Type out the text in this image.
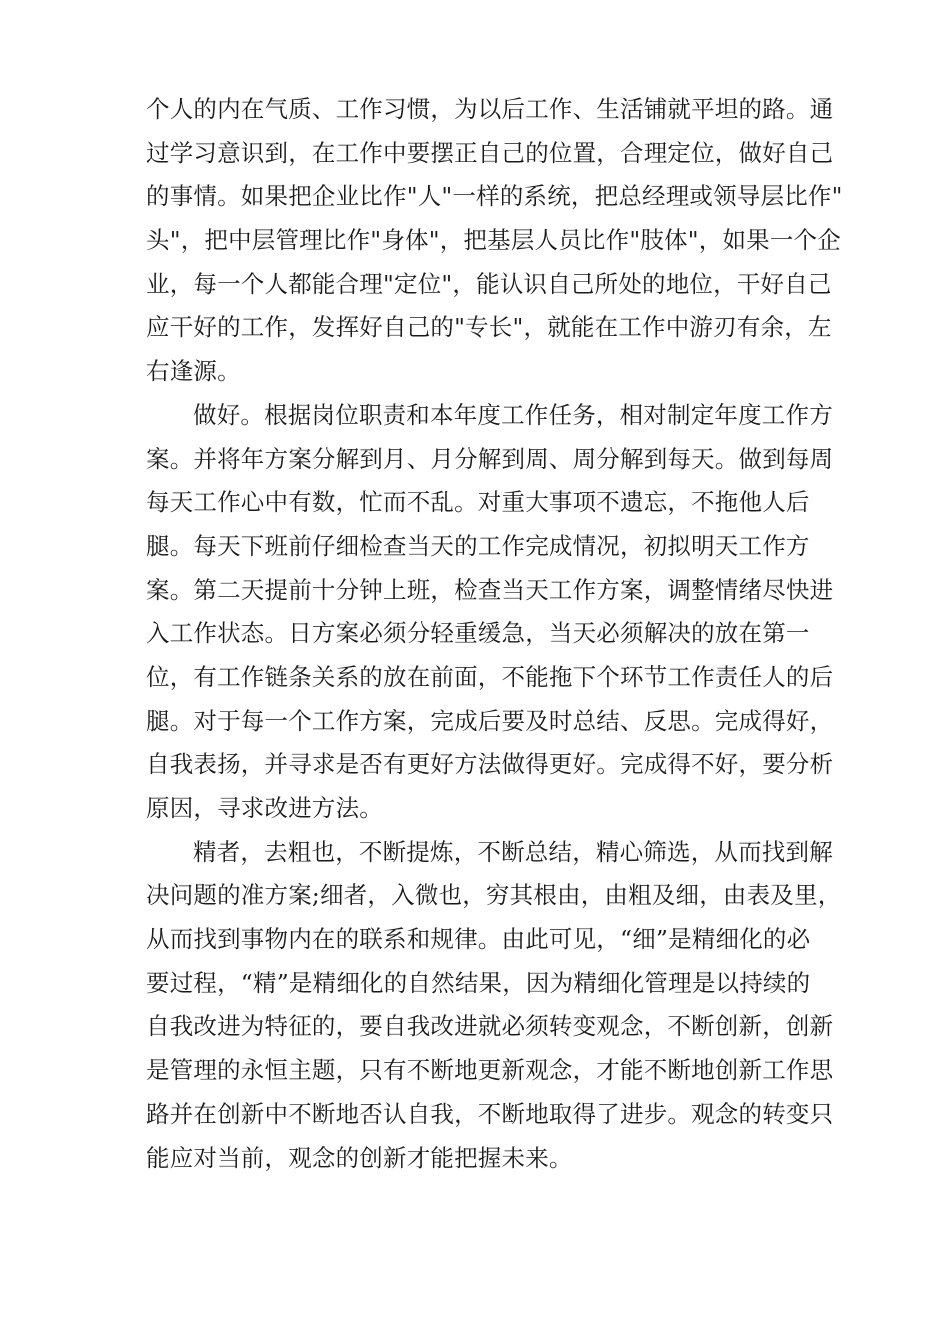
个人的内在气质、工作习惯，为以后工作、生活铺就平坦的路。通
过学习意识到，在工作中要摆正自己的位置，合理定位，做好自己
的事情。如果把企业比作"人"一样的系统，把总经理或领导层比作"
头"，把中层管理比作"身体"，把基层人员比作"肢体"，如果一个企
业，每一个人都能合理"定位"，能认识自己所处的地位，干好自己
应干好的工作，发挥好自己的"专长"，就能在工作中游刃有余，左
右逢源。
做好。根据岗位职责和本年度工作任务，相对制定年度工作方
案。并将年方案分解到月、月分解到周、周分解到每天。做到每周
每天工作心中有数，忙而不乱。对重大事项不遗忘，不拖他人后
腿。每天下班前仔细检查当天的工作完成情况，初拟明天工作方
案。第二天提前十分钟上班，检查当天工作方案，调整情绪尽快进
入工作状态。日方案必须分轻重缓急，当天必须解决的放在第一
位，有工作链条关系的放在前面，不能拖下个环节工作责任人的后
腿。对于每一个工作方案，完成后要及时总结、反思。完成得好，
自我表扬，并寻求是否有更好方法做得更好。完成得不好，要分析
原因，寻求改进方法。
精者，去粗也，不断提炼，不断总结，精心筛选，从而找到解
决问题的准方案;细者，入微也，穷其根由，由粗及细，由表及里，
从而找到事物内在的联系和规律。由此可见，“细”是精细化的必
要过程，“精”是精细化的自然结果，因为精细化管理是以持续的
自我改进为特征的，要自我改进就必须转变观念，不断创新，创新
是管理的永恒主题，只有不断地更新观念，才能不断地创新工作思
路并在创新中不断地否认自我，不断地取得了进步。观念的转变只
能应对当前，观念的创新才能把握未来。
